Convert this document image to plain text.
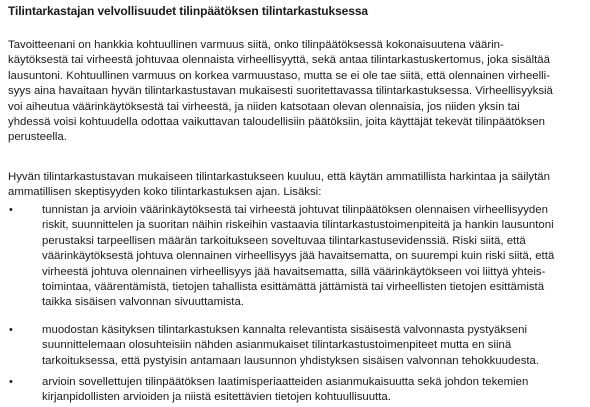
Tilintarkastajan velvollisuudet tilinpäätöksen tilintarkastuksessa
Tavoitteenani on hankkia kohtuullinen varmuus siitä, onko tilinpäätöksessä kokonaisuutena väärin-
käytöksestä tai virheestä johtuvaa olennaista virheellisyyttä, sekä antaa tilintarkastuskertomus, joka sisältää
lausuntoni. Kohtuullinen varmuus on korkea varmuustaso, mutta se ei ole tae siitä, että olennainen virheelli-
syys aina havaitaan hyvän tilintarkastustavan mukaisesti suoritettavassa tilintarkastuksessa. Virheellisyyksiä
voi aiheutua väärinkäytöksestä tai virheestä, ja niiden katsotaan olevan olennaisia, jos niiden yksin tai
yhdessä voisi kohtuudella odottaa vaikuttavan taloudellisiin päätöksiin, joita käyttäjät tekevät tilinpäätöksen
perusteella.
Hyvän tilintarkastustavan mukaiseen tilintarkastukseen kuuluu, että käytän ammatillista harkintaa ja säilytän
ammatillisen skeptisyyden koko tilintarkastuksen ajan. Lisäksi:
•	tunnistan ja arvioin väärinkäytöksestä tai virheestä johtuvat tilinpäätöksen olennaisen virheellisyyden
riskit, suunnittelen ja suoritan näihin riskeihin vastaavia tilintarkastustoimenpiteitä ja hankin lausuntoni
perustaksi tarpeellisen määrän tarkoitukseen soveltuvaa tilintarkastusevidenssiä. Riski siitä, että
väärinkäytöksestä johtuva olennainen virheellisyys jää havaitsematta, on suurempi kuin riski siitä, että
virheestä johtuva olennainen virheellisyys jää havaitsematta, sillä väärinkäytökseen voi liittyä yhteis-
toimintaa, väärentämistä, tietojen tahallista esittämättä jättämistä tai virheellisten tietojen esittämistä
taikka sisäisen valvonnan sivuuttamista.
•	muodostan käsityksen tilintarkastuksen kannalta relevantista sisäisestä valvonnasta pystyäkseni
suunnittelemaan olosuhteisiin nähden asianmukaiset tilintarkastustoimenpiteet mutta en siinä
tarkoituksessa, että pystyisin antamaan lausunnon yhdistyksen sisäisen valvonnan tehokkuudesta.
•	arvioin sovellettujen tilinpäätöksen laatimisperiaatteiden asianmukaisuutta sekä johdon tekemien
kirjanpidollisten arvioiden ja niistä esitettävien tietojen kohtuullisuutta.
